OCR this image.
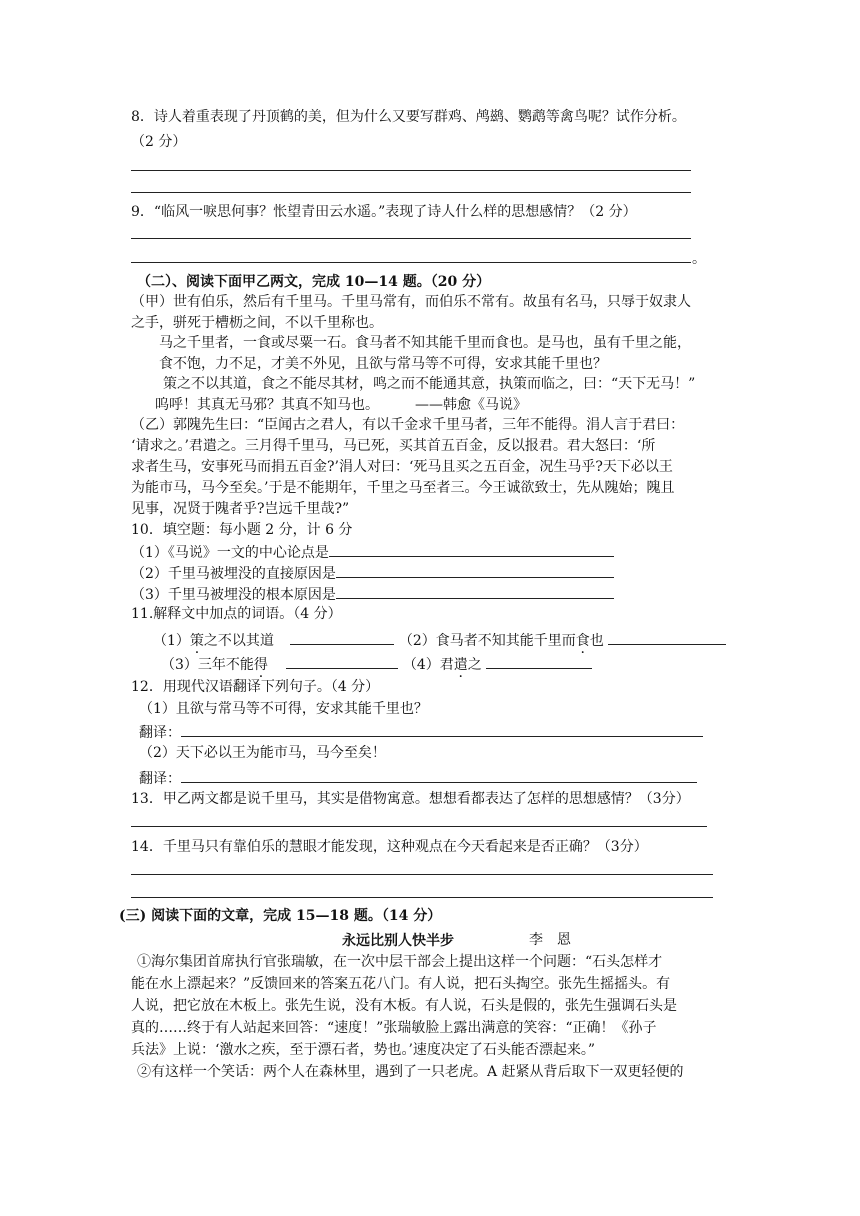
8．诗人着重表现了丹顶鹤的美，但为什么又要写群鸡、鸬鹚、鹦鹉等禽鸟呢？试作分析。
（2 分）
9．“临风一唳思何事？怅望青田云水遥。”表现了诗人什么样的思想感情？（2 分）
。
（二）、阅读下面甲乙两文，完成 10—14 题。（20 分）
（甲）世有伯乐，然后有千里马。千里马常有，而伯乐不常有。故虽有名马，只辱于奴隶人
之手，骈死于槽枥之间，不以千里称也。
马之千里者，一食或尽粟一石。食马者不知其能千里而食也。是马也，虽有千里之能，
食不饱，力不足，才美不外见，且欲与常马等不可得，安求其能千里也？
策之不以其道，食之不能尽其材，鸣之而不能通其意，执策而临之，曰：“天下无马！”
呜呼！其真无马邪？其真不知马也。	——韩愈《马说》
（乙）郭隗先生曰：“臣闻古之君人，有以千金求千里马者，三年不能得。涓人言于君曰：
‘请求之。’君遣之。三月得千里马，马已死，买其首五百金，反以报君。君大怒曰：‘所
求者生马，安事死马而捐五百金?’涓人对曰：‘死马且买之五百金，况生马乎?天下必以王
为能市马，马今至矣。’于是不能期年，千里之马至者三。今王诚欲致士，先从隗始；隗且
见事，况贤于隗者乎?岂远千里哉?”
10．填空题：每小题 2 分，计 6 分
（1）《马说》一文的中心论点是
（2）千里马被埋没的直接原因是
（3）千里马被埋没的根本原因是
11.解释文中加点的词语。（4 分）
（1）策之不以其道	（2）食马者不知其能千里而食也
（3）三年不能得	（4）君遣之
12．用现代汉语翻译下列句子。（4 分）
（1）且欲与常马等不可得，安求其能千里也？
翻译：
（2）天下必以王为能市马，马今至矣！
翻译：
13．甲乙两文都是说千里马，其实是借物寓意。想想看都表达了怎样的思想感情？（3分）
14．千里马只有靠伯乐的慧眼才能发现，这种观点在今天看起来是否正确？（3分）
(三) 阅读下面的文章，完成 15—18 题。（14 分）
永远比别人快半步	李　恩
①海尔集团首席执行官张瑞敏，在一次中层干部会上提出这样一个问题：“石头怎样才
能在水上漂起来？”反馈回来的答案五花八门。有人说，把石头掏空。张先生摇摇头。有
人说，把它放在木板上。张先生说，没有木板。有人说，石头是假的，张先生强调石头是
真的……终于有人站起来回答：“速度！”张瑞敏脸上露出满意的笑容：“正确！《孙子
兵法》上说：‘激水之疾，至于漂石者，势也。’速度决定了石头能否漂起来。”
②有这样一个笑话：两个人在森林里，遇到了一只老虎。A 赶紧从背后取下一双更轻便的
